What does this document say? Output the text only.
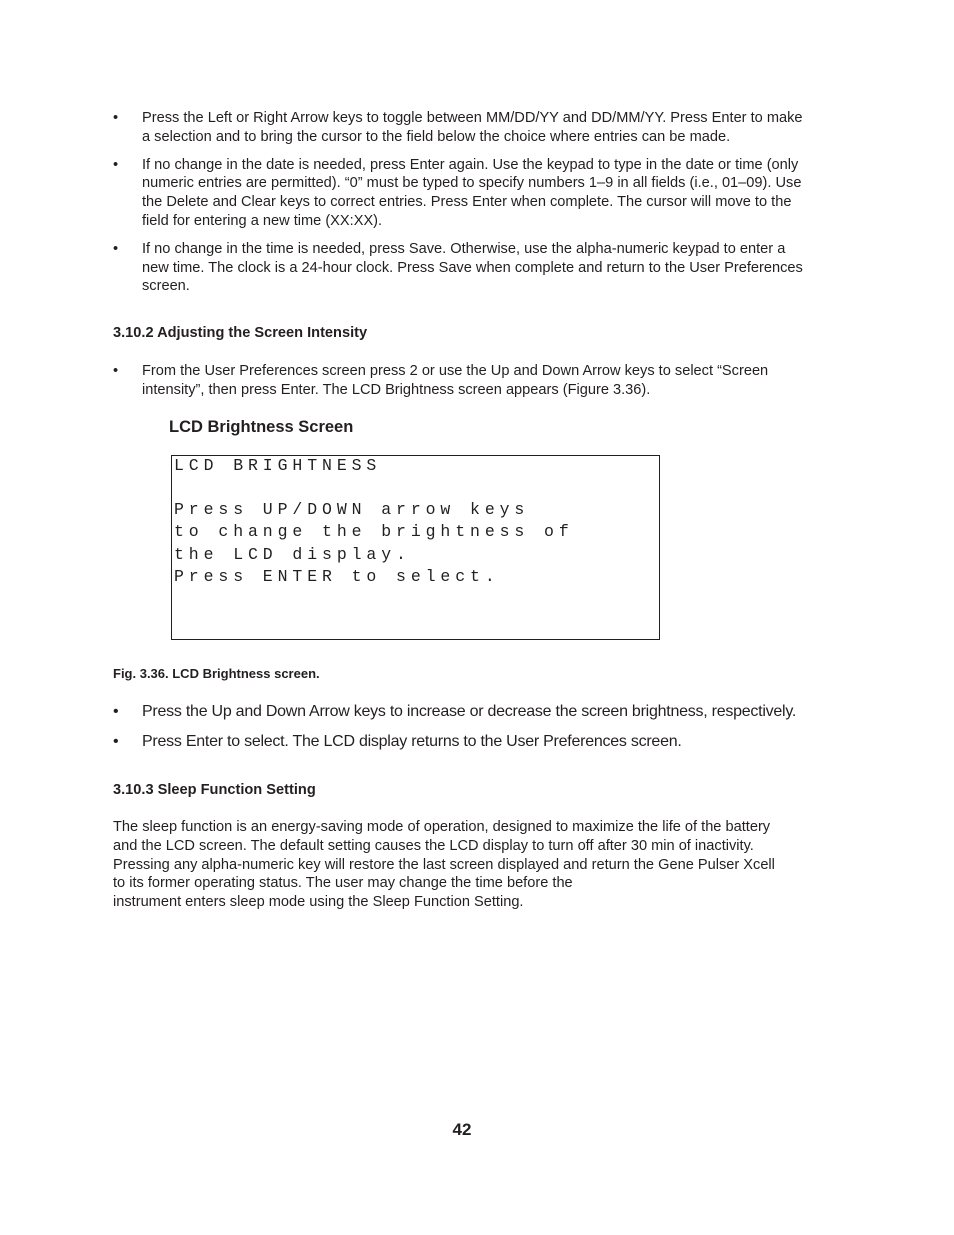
• Press the Left or Right Arrow keys to toggle between MM/DD/YY and DD/MM/YY. Press Enter to make a selection and to bring the cursor to the field below the choice where entries can be made.
• If no change in the date is needed, press Enter again. Use the keypad to type in the date or time (only numeric entries are permitted). “0” must be typed to specify numbers 1–9 in all fields (i.e., 01–09). Use the Delete and Clear keys to correct entries. Press Enter when complete. The cursor will move to the field for entering a new time (XX:XX).
• If no change in the time is needed, press Save. Otherwise, use the alpha-numeric keypad to enter a new time. The clock is a 24-hour clock. Press Save when complete and return to the User Preferences screen.
3.10.2 Adjusting the Screen Intensity
• From the User Preferences screen press 2 or use the Up and Down Arrow keys to select “Screen intensity”, then press Enter. The LCD Brightness screen appears (Figure 3.36).
LCD Brightness Screen
LCD BRIGHTNESS
Press UP/DOWN arrow keys
to change the brightness of
the LCD display.
Press ENTER to select.
Fig. 3.36. LCD Brightness screen.
• Press the Up and Down Arrow keys to increase or decrease the screen brightness, respectively.
• Press Enter to select. The LCD display returns to the User Preferences screen.
3.10.3 Sleep Function Setting
The sleep function is an energy-saving mode of operation, designed to maximize the life of the battery
and the LCD screen. The default setting causes the LCD display to turn off after 30 min of inactivity.
Pressing any alpha-numeric key will restore the last screen displayed and return the Gene Pulser Xcell
to its former operating status. The user may change the time before the
instrument enters sleep mode using the Sleep Function Setting.
42
